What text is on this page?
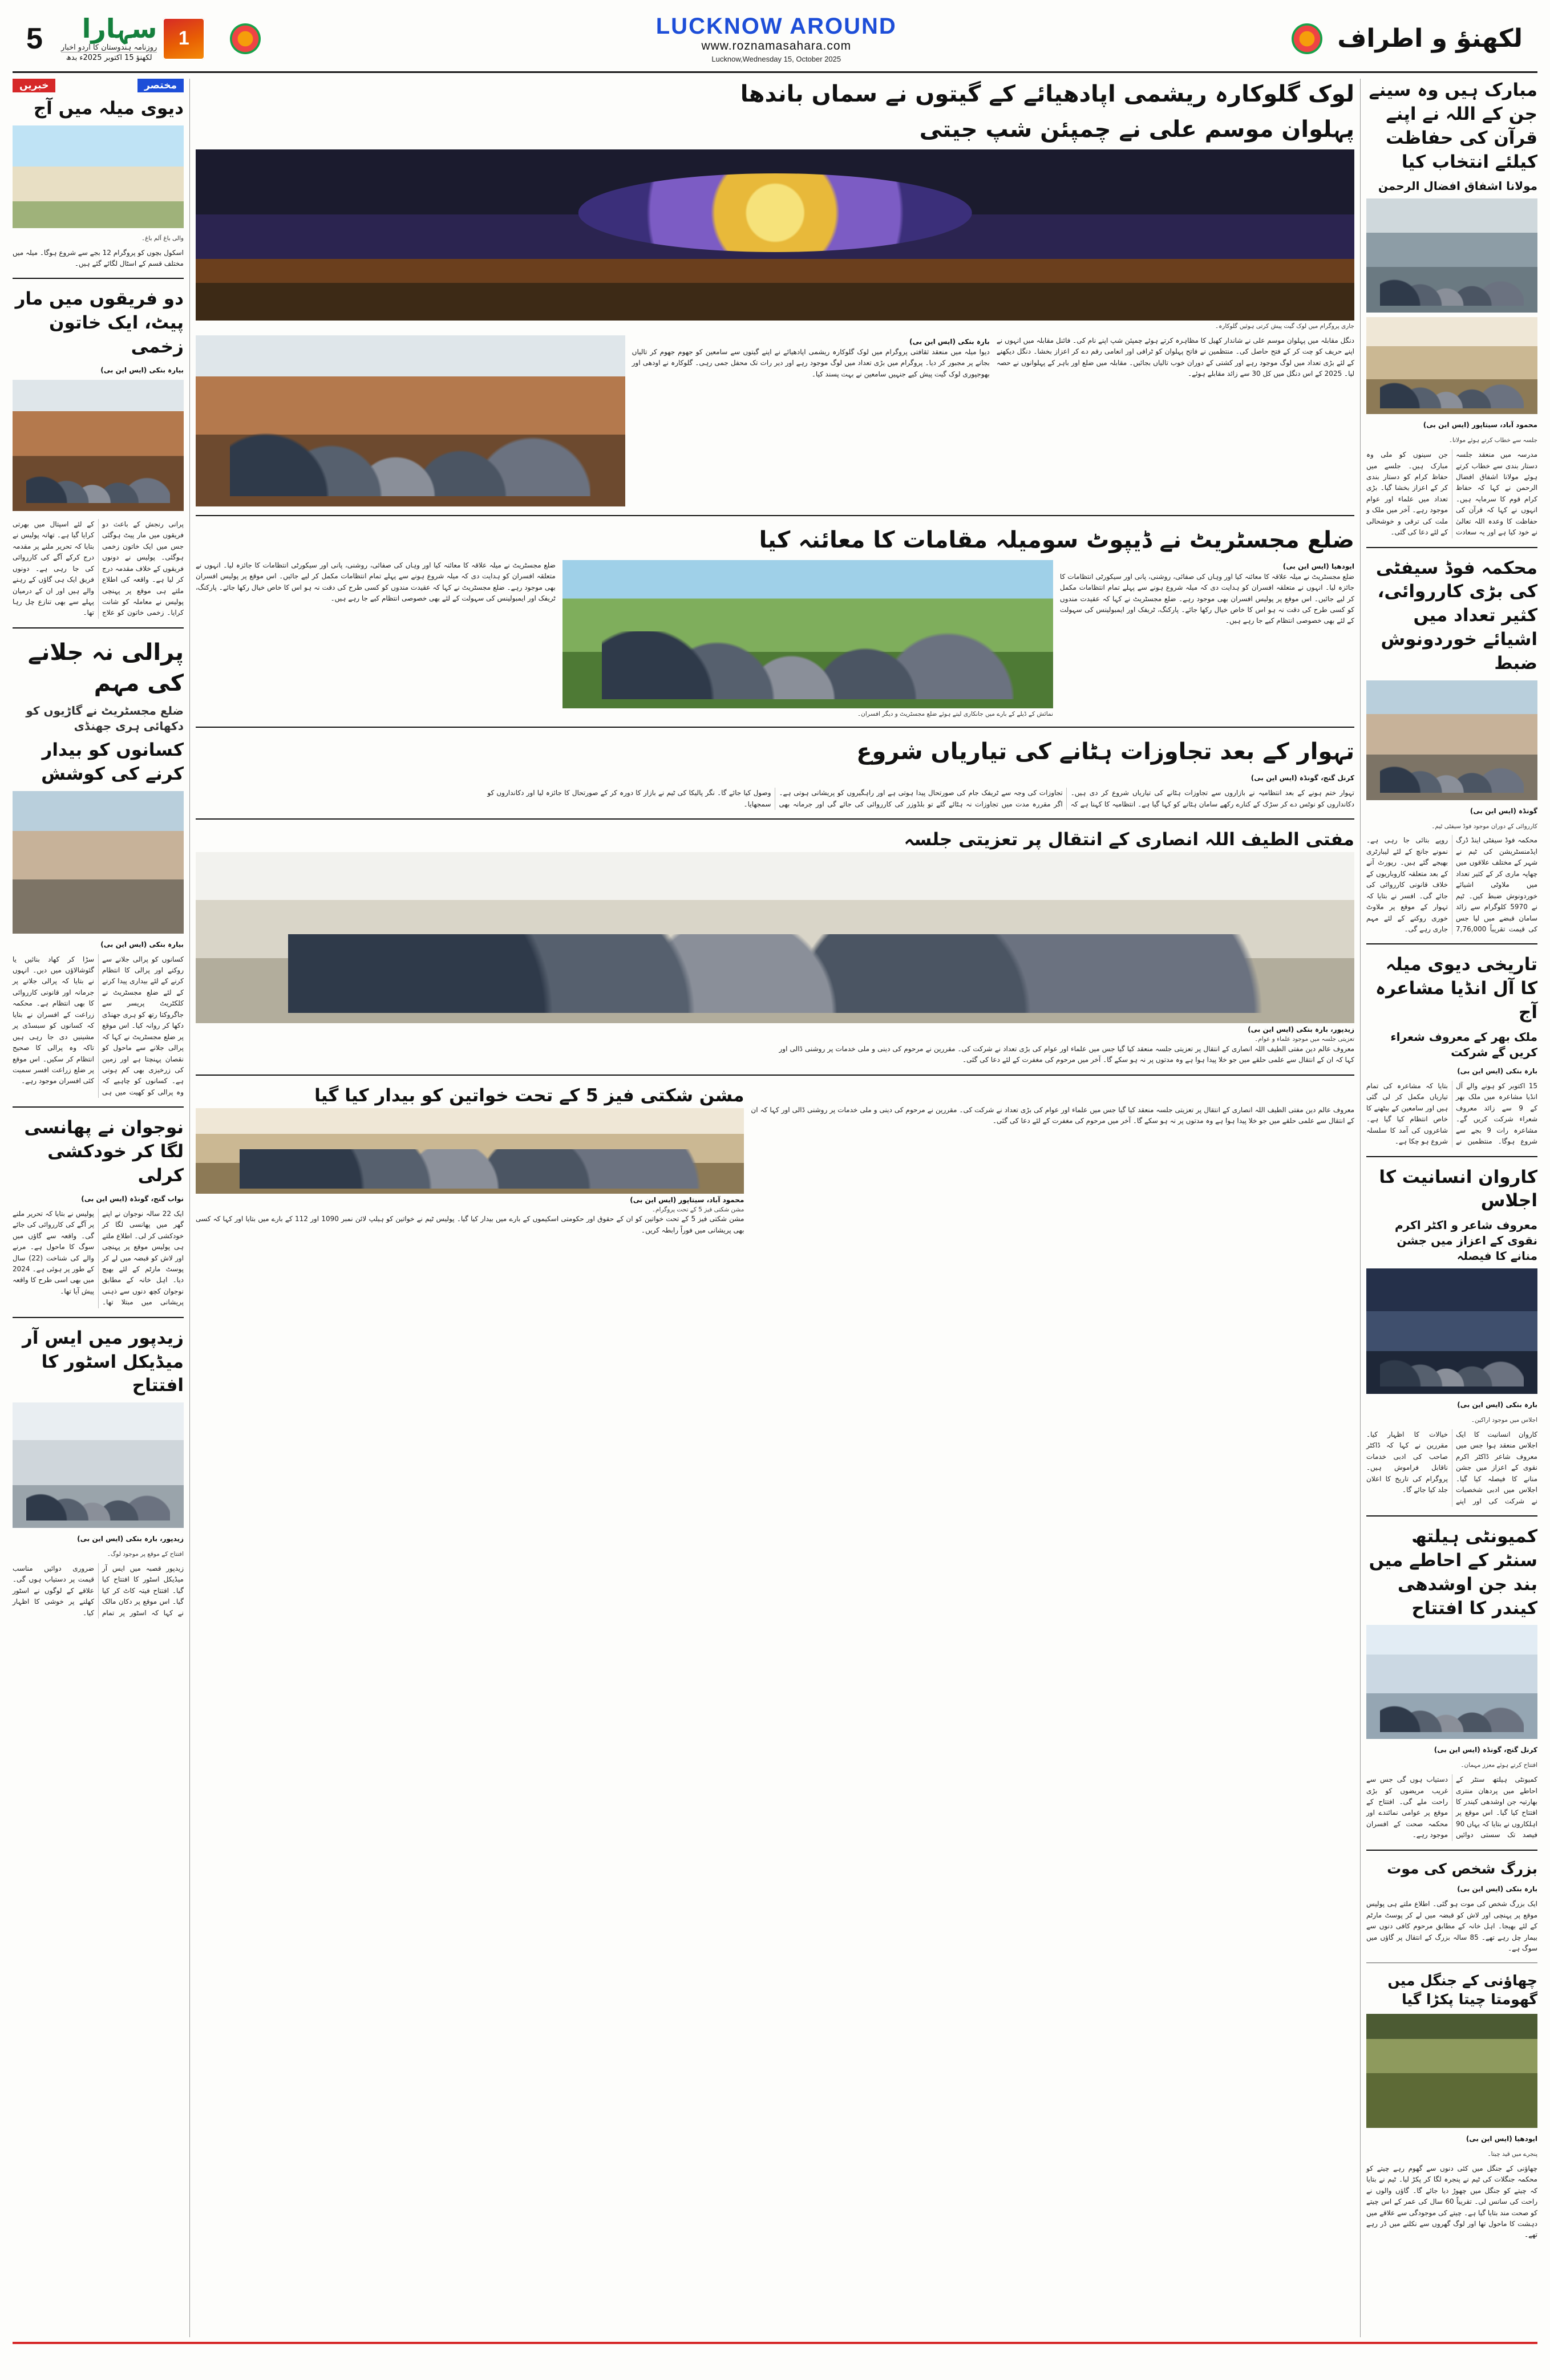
5	سہارا
روزنامہ ہندوستان کا اردو اخبار
لکھنؤ 15 اکتوبر 2025ء بدھ
1	LUCKNOW AROUND
www.roznamasahara.com
Lucknow,Wednesday 15, October 2025
لکھنؤ و اطراف
خبریں	مختصر
دیوی میلہ میں آج
والی باغ آلم باغ۔
اسکول بچوں کو پروگرام 12 بجے سے شروع ہوگا۔ میلہ میں مختلف قسم کے اسٹال لگائے گئے ہیں۔
دو فریقوں میں مار پیٹ، ایک خاتون زخمی
بیارہ بنکی (ایس این بی)
پرانی رنجش کے باعث دو فریقوں میں مار پیٹ ہوگئی جس میں ایک خاتون زخمی ہوگئی۔ پولیس نے دونوں فریقوں کے خلاف مقدمہ درج کر لیا ہے۔ واقعہ کی اطلاع ملتے ہی موقع پر پہنچی پولیس نے معاملہ کو شانت کرایا۔ زخمی خاتون کو علاج کے لئے اسپتال میں بھرتی کرایا گیا ہے۔ تھانہ پولیس نے بتایا کہ تحریر ملنے پر مقدمہ درج کرکے آگے کی کارروائی کی جا رہی ہے۔ دونوں فریق ایک ہی گاؤں کے رہنے والے ہیں اور ان کے درمیان پہلے سے بھی تنازع چل رہا تھا۔
پرالی نہ جلانے کی مہم
ضلع مجسٹریٹ نے گاڑیوں کو دکھائی ہری جھنڈی
کسانوں کو بیدار کرنے کی کوشش
بیارہ بنکی (ایس این بی)
کسانوں کو پرالی جلانے سے روکنے اور پرالی کا انتظام کرنے کے لئے بیداری پیدا کرنے کے لئے ضلع مجسٹریٹ نے کلکٹریٹ پریسر سے جاگروکتا رتھ کو ہری جھنڈی دکھا کر روانہ کیا۔ اس موقع پر ضلع مجسٹریٹ نے کہا کہ پرالی جلانے سے ماحول کو نقصان پہنچتا ہے اور زمین کی زرخیزی بھی کم ہوتی ہے۔ کسانوں کو چاہیے کہ وہ پرالی کو کھیت میں ہی سڑا کر کھاد بنائیں یا گئوشالاؤں میں دیں۔ انہوں نے بتایا کہ پرالی جلانے پر جرمانہ اور قانونی کارروائی کا بھی انتظام ہے۔ محکمہ زراعت کے افسران نے بتایا کہ کسانوں کو سبسڈی پر مشینیں دی جا رہی ہیں تاکہ وہ پرالی کا صحیح انتظام کر سکیں۔ اس موقع پر ضلع زراعت افسر سمیت کئی افسران موجود رہے۔
نوجوان نے پھانسی لگا کر خودکشی کرلی
نواب گنج، گونڈہ (ایس این بی)
ایک 22 سالہ نوجوان نے اپنے گھر میں پھانسی لگا کر خودکشی کر لی۔ اطلاع ملتے ہی پولیس موقع پر پہنچی اور لاش کو قبضہ میں لے کر پوسٹ مارٹم کے لئے بھیج دیا۔ اہل خانہ کے مطابق نوجوان کچھ دنوں سے ذہنی پریشانی میں مبتلا تھا۔ پولیس نے بتایا کہ تحریر ملنے پر آگے کی کارروائی کی جائے گی۔ واقعہ سے گاؤں میں سوگ کا ماحول ہے۔ مرنے والے کی شناخت (22) سال کے طور پر ہوئی ہے۔ 2024 میں بھی اسی طرح کا واقعہ پیش آیا تھا۔
زیدپور میں ایس آر میڈیکل اسٹور کا افتتاح
زیدپور، بارہ بنکی (ایس این بی)
افتتاح کے موقع پر موجود لوگ۔
زیدپور قصبہ میں ایس آر میڈیکل اسٹور کا افتتاح کیا گیا۔ افتتاح فیتہ کاٹ کر کیا گیا۔ اس موقع پر دکان مالک نے کہا کہ اسٹور پر تمام ضروری دوائیں مناسب قیمت پر دستیاب ہوں گی۔ علاقے کے لوگوں نے اسٹور کھلنے پر خوشی کا اظہار کیا۔
لوک گلوکارہ ریشمی اپادھیائے کے گیتوں نے سماں باندھا
پہلوان موسم علی نے چمپئن شپ جیتی
جاری پروگرام میں لوک گیت پیش کرتی ہوئیں گلوکارہ۔
بارہ بنکی (ایس این بی)
دیوا میلہ میں منعقد ثقافتی پروگرام میں لوک گلوکارہ ریشمی اپادھیائے نے اپنے گیتوں سے سامعین کو جھوم جھوم کر تالیاں بجانے پر مجبور کر دیا۔ پروگرام میں بڑی تعداد میں لوگ موجود رہے اور دیر رات تک محفل جمی رہی۔ گلوکارہ نے اودھی اور بھوجپوری لوک گیت پیش کیے جنہیں سامعین نے بہت پسند کیا۔
دنگل مقابلہ میں پہلوان موسم علی نے شاندار کھیل کا مظاہرہ کرتے ہوئے چمپئن شپ اپنے نام کی۔ فائنل مقابلہ میں انہوں نے اپنے حریف کو چت کر کے فتح حاصل کی۔ منتظمین نے فاتح پہلوان کو ٹرافی اور انعامی رقم دے کر اعزاز بخشا۔ دنگل دیکھنے کے لئے بڑی تعداد میں لوگ موجود رہے اور کشتی کے دوران خوب تالیاں بجائیں۔ مقابلہ میں ضلع اور باہر کے پہلوانوں نے حصہ لیا۔ 2025 کے اس دنگل میں کل 30 سے زائد مقابلے ہوئے۔
ضلع مجسٹریٹ نے ڈیپوٹ سومیلہ مقامات کا معائنہ کیا
ضلع مجسٹریٹ نے میلہ علاقہ کا معائنہ کیا اور وہاں کی صفائی، روشنی، پانی اور سیکورٹی انتظامات کا جائزہ لیا۔ انہوں نے متعلقہ افسران کو ہدایت دی کہ میلہ شروع ہونے سے پہلے تمام انتظامات مکمل کر لیے جائیں۔ اس موقع پر پولیس افسران بھی موجود رہے۔ ضلع مجسٹریٹ نے کہا کہ عقیدت مندوں کو کسی طرح کی دقت نہ ہو اس کا خاص خیال رکھا جائے۔ پارکنگ، ٹریفک اور ایمبولینس کی سہولت کے لئے بھی خصوصی انتظام کیے جا رہے ہیں۔
نمائش کے ڈیلے کے بارے میں جانکاری لیتے ہوئے ضلع مجسٹریٹ و دیگر افسران۔
ایودھیا (ایس این بی)
ضلع مجسٹریٹ نے میلہ علاقہ کا معائنہ کیا اور وہاں کی صفائی، روشنی، پانی اور سیکورٹی انتظامات کا جائزہ لیا۔ انہوں نے متعلقہ افسران کو ہدایت دی کہ میلہ شروع ہونے سے پہلے تمام انتظامات مکمل کر لیے جائیں۔ اس موقع پر پولیس افسران بھی موجود رہے۔ ضلع مجسٹریٹ نے کہا کہ عقیدت مندوں کو کسی طرح کی دقت نہ ہو اس کا خاص خیال رکھا جائے۔ پارکنگ، ٹریفک اور ایمبولینس کی سہولت کے لئے بھی خصوصی انتظام کیے جا رہے ہیں۔
تہوار کے بعد تجاوزات ہٹانے کی تیاریاں شروع
کرنل گنج، گونڈہ (ایس این بی)
تہوار ختم ہونے کے بعد انتظامیہ نے بازاروں سے تجاوزات ہٹانے کی تیاریاں شروع کر دی ہیں۔ دکانداروں کو نوٹس دے کر سڑک کے کنارے رکھے سامان ہٹانے کو کہا گیا ہے۔ انتظامیہ کا کہنا ہے کہ تجاوزات کی وجہ سے ٹریفک جام کی صورتحال پیدا ہوتی ہے اور راہگیروں کو پریشانی ہوتی ہے۔ اگر مقررہ مدت میں تجاوزات نہ ہٹائے گئے تو بلڈوزر کی کارروائی کی جائے گی اور جرمانہ بھی وصول کیا جائے گا۔ نگر پالیکا کی ٹیم نے بازار کا دورہ کر کے صورتحال کا جائزہ لیا اور دکانداروں کو سمجھایا۔
مفتی الطیف اللہ انصاری کے انتقال پر تعزیتی جلسہ
زیدپور، بارہ بنکی (ایس این بی)
تعزیتی جلسہ میں موجود علماء و عوام۔
معروف عالم دین مفتی الطیف اللہ انصاری کے انتقال پر تعزیتی جلسہ منعقد کیا گیا جس میں علماء اور عوام کی بڑی تعداد نے شرکت کی۔ مقررین نے مرحوم کی دینی و ملی خدمات پر روشنی ڈالی اور کہا کہ ان کے انتقال سے علمی حلقے میں جو خلا پیدا ہوا ہے وہ مدتوں پر نہ ہو سکے گا۔ آخر میں مرحوم کی مغفرت کے لئے دعا کی گئی۔
مشن شکتی فیز 5 کے تحت خواتین کو بیدار کیا گیا
محمود آباد، سیتاپور (ایس این بی)
مشن شکتی فیز 5 کے تحت پروگرام۔
مشن شکتی فیز 5 کے تحت خواتین کو ان کے حقوق اور حکومتی اسکیموں کے بارے میں بیدار کیا گیا۔ پولیس ٹیم نے خواتین کو ہیلپ لائن نمبر 1090 اور 112 کے بارے میں بتایا اور کہا کہ کسی بھی پریشانی میں فوراً رابطہ کریں۔
معروف عالم دین مفتی الطیف اللہ انصاری کے انتقال پر تعزیتی جلسہ منعقد کیا گیا جس میں علماء اور عوام کی بڑی تعداد نے شرکت کی۔ مقررین نے مرحوم کی دینی و ملی خدمات پر روشنی ڈالی اور کہا کہ ان کے انتقال سے علمی حلقے میں جو خلا پیدا ہوا ہے وہ مدتوں پر نہ ہو سکے گا۔ آخر میں مرحوم کی مغفرت کے لئے دعا کی گئی۔
مبارک ہیں وہ سینے جن کے اللہ نے اپنے قرآن کی حفاظت کیلئے انتخاب کیا
مولانا اشفاق افضال الرحمن
محمود آباد، سیتاپور (ایس این بی)
جلسہ سے خطاب کرتے ہوئے مولانا۔
مدرسہ میں منعقد جلسہ دستار بندی سے خطاب کرتے ہوئے مولانا اشفاق افضال الرحمن نے کہا کہ حفاظ کرام قوم کا سرمایہ ہیں۔ انہوں نے کہا کہ قرآن کی حفاظت کا وعدہ اللہ تعالیٰ نے خود کیا ہے اور یہ سعادت جن سینوں کو ملی وہ مبارک ہیں۔ جلسے میں حفاظ کرام کو دستار بندی کر کے اعزاز بخشا گیا۔ بڑی تعداد میں علماء اور عوام موجود رہے۔ آخر میں ملک و ملت کی ترقی و خوشحالی کے لئے دعا کی گئی۔
محکمہ فوڈ سیفٹی کی بڑی کارروائی، کثیر تعداد میں اشیائے خوردونوش ضبط
گونڈہ (ایس این بی)
کارروائی کے دوران موجود فوڈ سیفٹی ٹیم۔
محکمہ فوڈ سیفٹی اینڈ ڈرگ ایڈمنسٹریشن کی ٹیم نے شہر کے مختلف علاقوں میں چھاپہ ماری کر کے کثیر تعداد میں ملاوٹی اشیائے خوردونوش ضبط کیں۔ ٹیم نے 5970 کلوگرام سے زائد سامان قبضے میں لیا جس کی قیمت تقریباً 7,76,000 روپے بتائی جا رہی ہے۔ نمونے جانچ کے لئے لیبارٹری بھیجے گئے ہیں۔ رپورٹ آنے کے بعد متعلقہ کاروباریوں کے خلاف قانونی کارروائی کی جائے گی۔ افسر نے بتایا کہ تہوار کے موقع پر ملاوٹ خوری روکنے کے لئے مہم جاری رہے گی۔
تاریخی دیوی میلہ کا آل انڈیا مشاعرہ آج
ملک بھر کے معروف شعراء کریں گے شرکت
بارہ بنکی (ایس این بی)
15 اکتوبر کو ہونے والے آل انڈیا مشاعرہ میں ملک بھر کے 9 سے زائد معروف شعراء شرکت کریں گے۔ مشاعرہ رات 9 بجے سے شروع ہوگا۔ منتظمین نے بتایا کہ مشاعرہ کی تمام تیاریاں مکمل کر لی گئی ہیں اور سامعین کے بیٹھنے کا خاص انتظام کیا گیا ہے۔ شاعروں کی آمد کا سلسلہ شروع ہو چکا ہے۔
کاروان انسانیت کا اجلاس
معروف شاعر و اکٹر اکرم نقوی کے اعزاز میں جشن منانے کا فیصلہ
بارہ بنکی (ایس این بی)
اجلاس میں موجود اراکین۔
کاروان انسانیت کا ایک اجلاس منعقد ہوا جس میں معروف شاعر ڈاکٹر اکرم نقوی کے اعزاز میں جشن منانے کا فیصلہ کیا گیا۔ اجلاس میں ادبی شخصیات نے شرکت کی اور اپنے خیالات کا اظہار کیا۔ مقررین نے کہا کہ ڈاکٹر صاحب کی ادبی خدمات ناقابل فراموش ہیں۔ پروگرام کی تاریخ کا اعلان جلد کیا جائے گا۔
کمیونٹی ہیلتھ سنٹر کے احاطے میں بند جن اوشدھی کیندر کا افتتاح
کرنل گنج، گونڈہ (ایس این بی)
افتتاح کرتے ہوئے معزز مہمان۔
کمیونٹی ہیلتھ سنٹر کے احاطے میں پردھان منتری بھارتیہ جن اوشدھی کیندر کا افتتاح کیا گیا۔ اس موقع پر اہلکاروں نے بتایا کہ یہاں 90 فیصد تک سستی دوائیں دستیاب ہوں گی جس سے غریب مریضوں کو بڑی راحت ملے گی۔ افتتاح کے موقع پر عوامی نمائندے اور محکمہ صحت کے افسران موجود رہے۔
بزرگ شخص کی موت
بارہ بنکی (ایس این بی)
ایک بزرگ شخص کی موت ہو گئی۔ اطلاع ملتے ہی پولیس موقع پر پہنچی اور لاش کو قبضہ میں لے کر پوسٹ مارٹم کے لئے بھیجا۔ اہل خانہ کے مطابق مرحوم کافی دنوں سے بیمار چل رہے تھے۔ 85 سالہ بزرگ کے انتقال پر گاؤں میں سوگ ہے۔
چھاؤنی کے جنگل میں گھومتا چیتا پکڑا گیا
ایودھیا (ایس این بی)
پنجرے میں قید چیتا۔
چھاؤنی کے جنگل میں کئی دنوں سے گھوم رہے چیتے کو محکمہ جنگلات کی ٹیم نے پنجرہ لگا کر پکڑ لیا۔ ٹیم نے بتایا کہ چیتے کو جنگل میں چھوڑ دیا جائے گا۔ گاؤں والوں نے راحت کی سانس لی۔ تقریباً 60 سال کی عمر کے اس چیتے کو صحت مند بتایا گیا ہے۔ چیتے کی موجودگی سے علاقے میں دہشت کا ماحول تھا اور لوگ گھروں سے نکلنے میں ڈر رہے تھے۔
